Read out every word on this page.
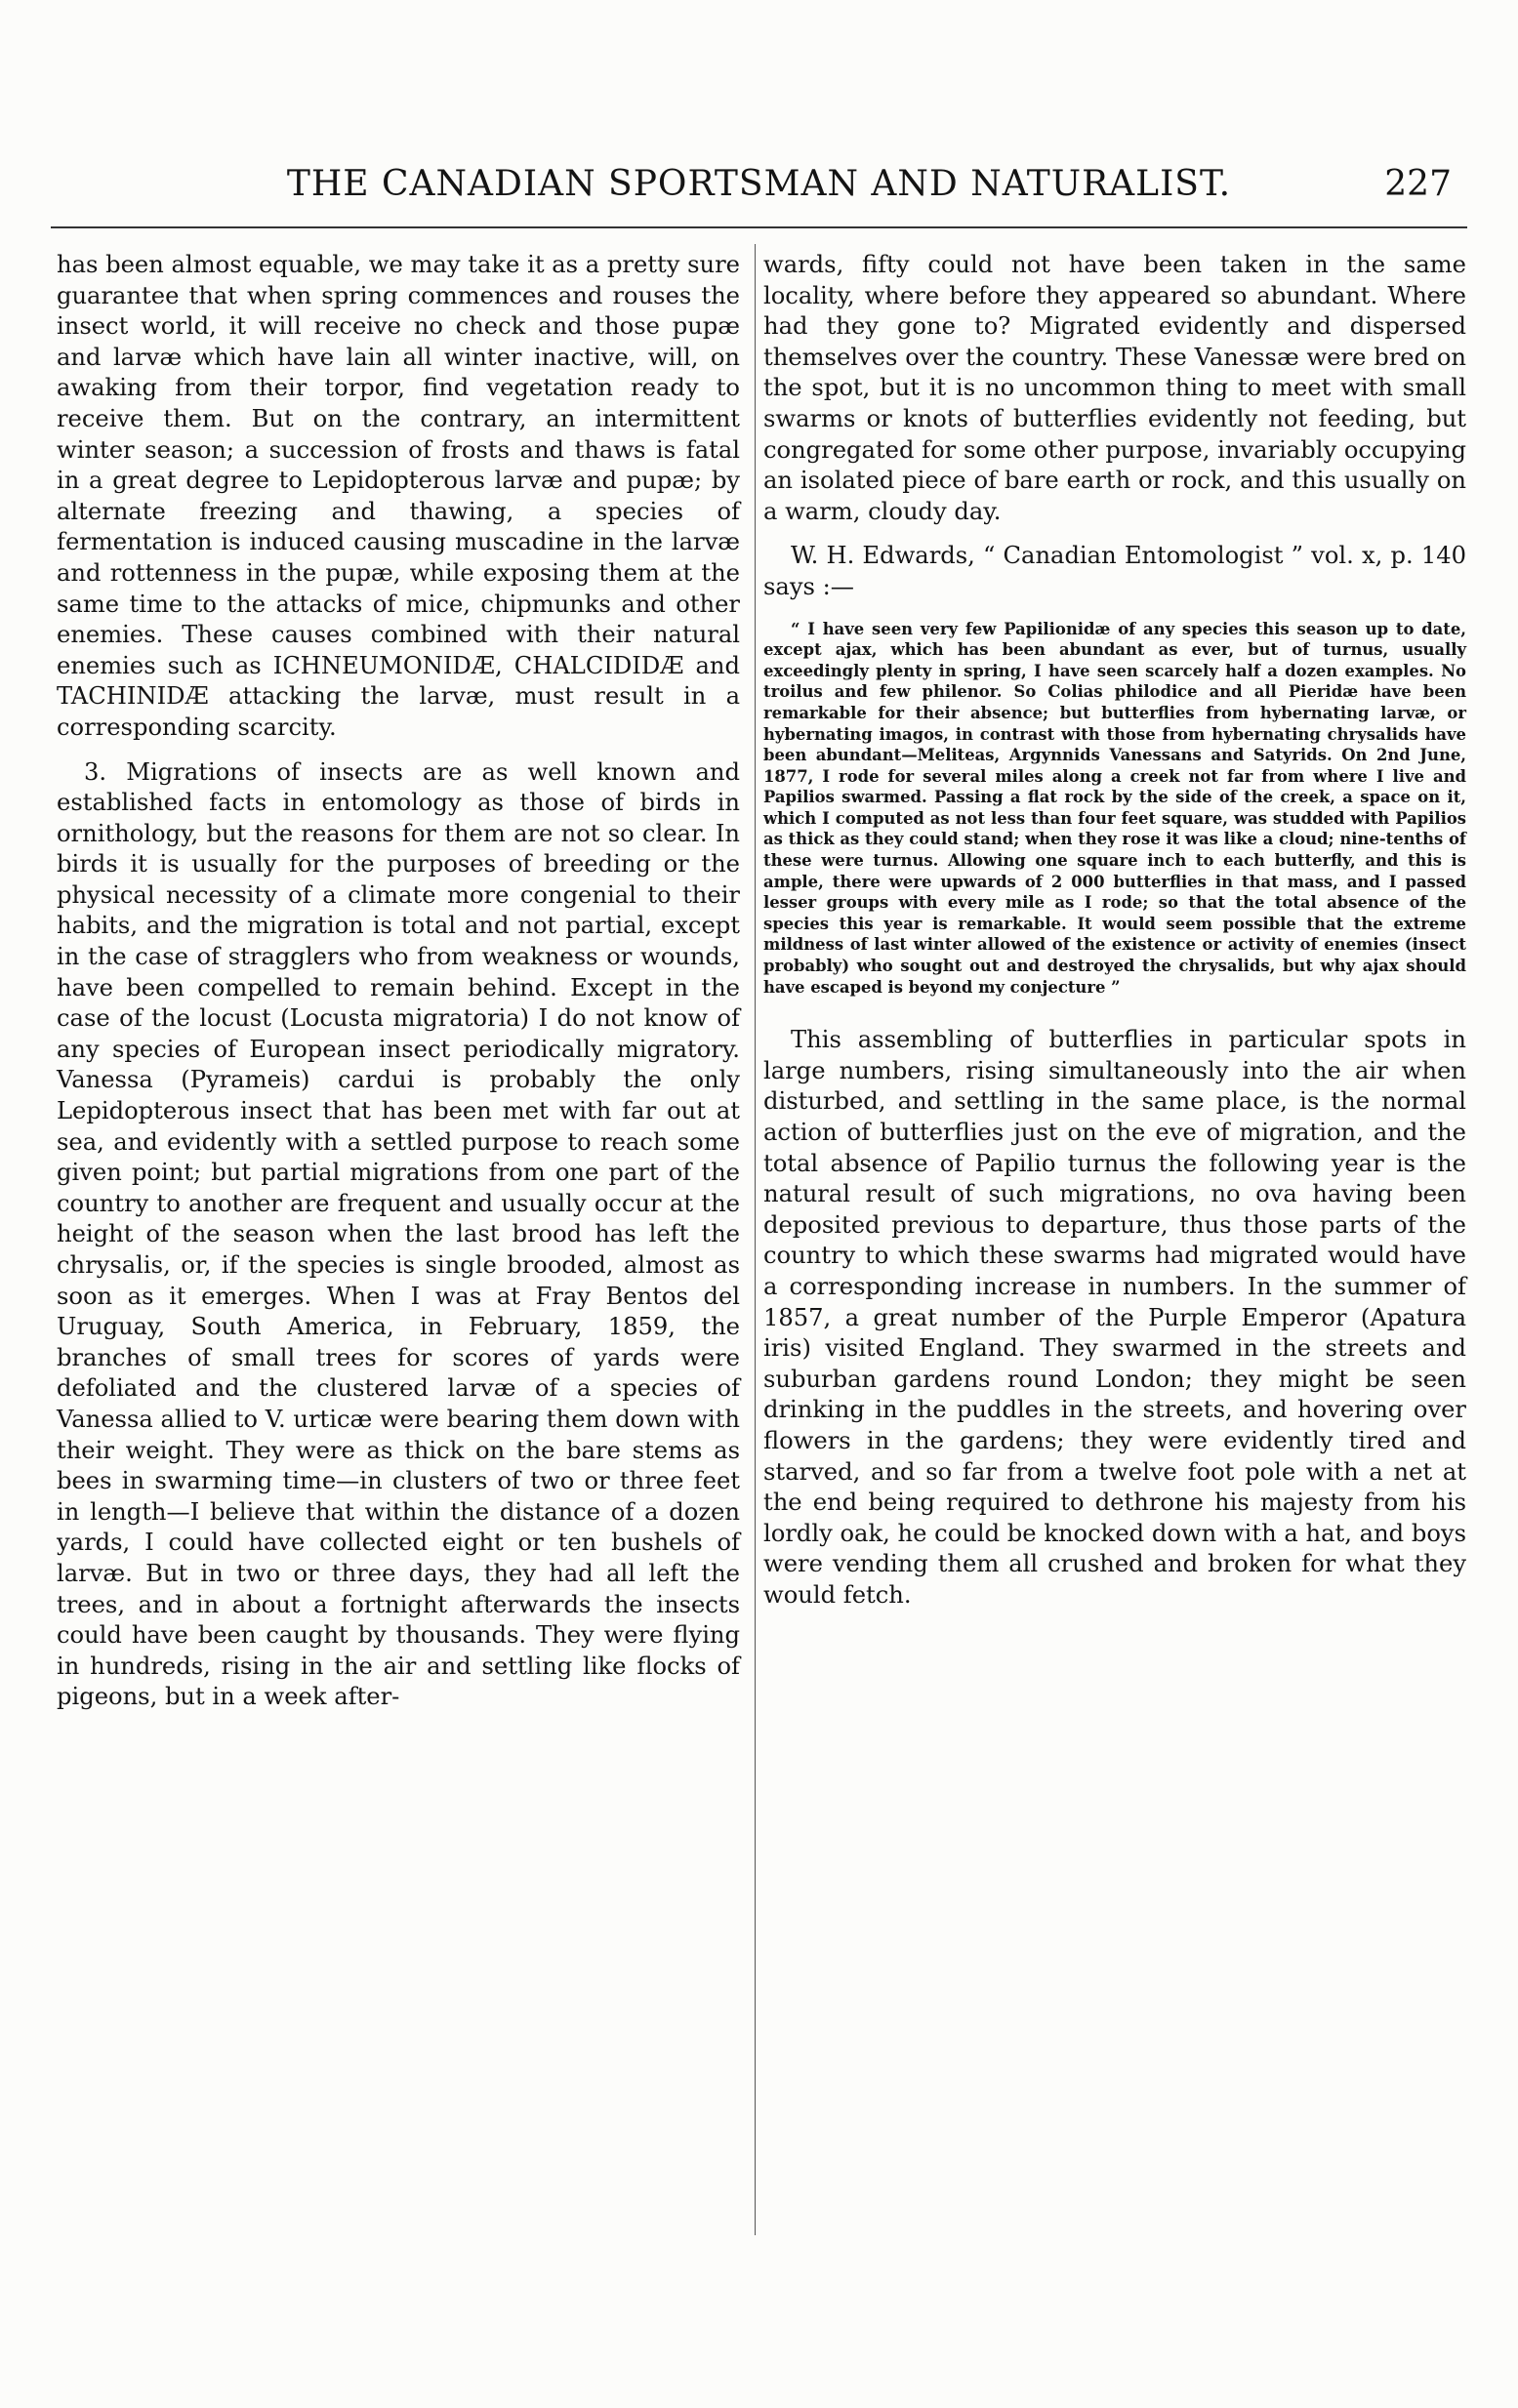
THE CANADIAN SPORTSMAN AND NATURALIST.	227

has been almost equable, we may take it as a pretty sure guarantee that when spring commences and rouses the insect world, it will receive no check and those pupæ and larvæ which have lain all winter inactive, will, on awaking from their torpor, find vegetation ready to receive them. But on the contrary, an intermittent winter season; a succession of frosts and thaws is fatal in a great degree to Lepidopterous larvæ and pupæ; by alternate freezing and thawing, a species of fermentation is induced causing muscadine in the larvæ and rottenness in the pupæ, while exposing them at the same time to the attacks of mice, chipmunks and other enemies. These causes combined with their natural enemies such as ICHNEUMONIDÆ, CHALCIDIDÆ and TACHINIDÆ attacking the larvæ, must result in a corresponding scarcity.

3. Migrations of insects are as well known and established facts in entomology as those of birds in ornithology, but the reasons for them are not so clear. In birds it is usually for the purposes of breeding or the physical necessity of a climate more congenial to their habits, and the migration is total and not partial, except in the case of stragglers who from weakness or wounds, have been compelled to remain behind. Except in the case of the locust (Locusta migratoria) I do not know of any species of European insect periodically migratory. Vanessa (Pyrameis) cardui is probably the only Lepidopterous insect that has been met with far out at sea, and evidently with a settled purpose to reach some given point; but partial migrations from one part of the country to another are frequent and usually occur at the height of the season when the last brood has left the chrysalis, or, if the species is single brooded, almost as soon as it emerges. When I was at Fray Bentos del Uruguay, South America, in February, 1859, the branches of small trees for scores of yards were defoliated and the clustered larvæ of a species of Vanessa allied to V. urticæ were bearing them down with their weight. They were as thick on the bare stems as bees in swarming time—in clusters of two or three feet in length—I believe that within the distance of a dozen yards, I could have collected eight or ten bushels of larvæ. But in two or three days, they had all left the trees, and in about a fortnight afterwards the insects could have been caught by thousands. They were flying in hundreds, rising in the air and settling like flocks of pigeons, but in a week after-

wards, fifty could not have been taken in the same locality, where before they appeared so abundant. Where had they gone to? Migrated evidently and dispersed themselves over the country. These Vanessæ were bred on the spot, but it is no uncommon thing to meet with small swarms or knots of butterflies evidently not feeding, but congregated for some other purpose, invariably occupying an isolated piece of bare earth or rock, and this usually on a warm, cloudy day.

W. H. Edwards, “ Canadian Entomologist ” vol. x, p. 140 says :—

“ I have seen very few Papilionidæ of any species this season up to date, except ajax, which has been abundant as ever, but of turnus, usually exceedingly plenty in spring, I have seen scarcely half a dozen examples. No troilus and few philenor. So Colias philodice and all Pieridæ have been remarkable for their absence; but butterflies from hybernating larvæ, or hybernating imagos, in contrast with those from hybernating chrysalids have been abundant—Meliteas, Argynnids Vanessans and Satyrids. On 2nd June, 1877, I rode for several miles along a creek not far from where I live and Papilios swarmed. Passing a flat rock by the side of the creek, a space on it, which I computed as not less than four feet square, was studded with Papilios as thick as they could stand; when they rose it was like a cloud; nine-tenths of these were turnus. Allowing one square inch to each butterfly, and this is ample, there were upwards of 2 000 butterflies in that mass, and I passed lesser groups with every mile as I rode; so that the total absence of the species this year is remarkable. It would seem possible that the extreme mildness of last winter allowed of the existence or activity of enemies (insect probably) who sought out and destroyed the chrysalids, but why ajax should have escaped is beyond my conjecture ”

This assembling of butterflies in particular spots in large numbers, rising simultaneously into the air when disturbed, and settling in the same place, is the normal action of butterflies just on the eve of migration, and the total absence of Papilio turnus the following year is the natural result of such migrations, no ova having been deposited previous to departure, thus those parts of the country to which these swarms had migrated would have a corresponding increase in numbers. In the summer of 1857, a great number of the Purple Emperor (Apatura iris) visited England. They swarmed in the streets and suburban gardens round London; they might be seen drinking in the puddles in the streets, and hovering over flowers in the gardens; they were evidently tired and starved, and so far from a twelve foot pole with a net at the end being required to dethrone his majesty from his lordly oak, he could be knocked down with a hat, and boys were vending them all crushed and broken for what they would fetch.
